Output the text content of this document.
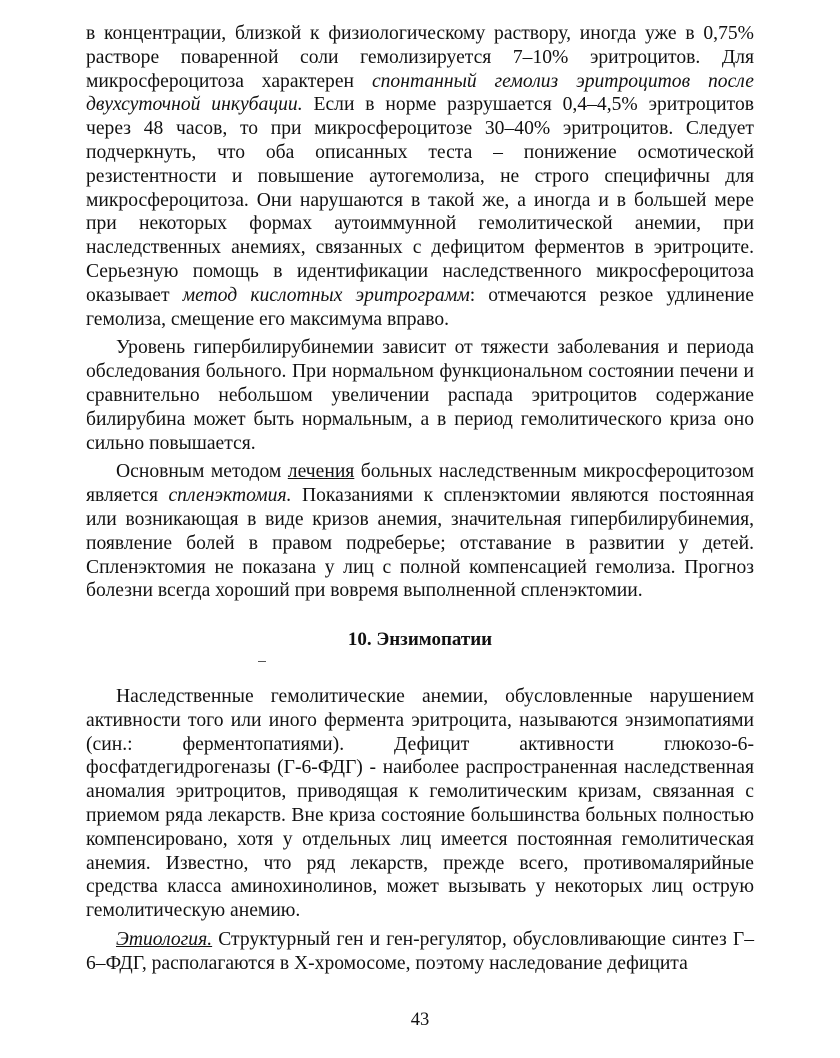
в концентрации, близкой к физиологическому раствору, иногда уже в 0,75% растворе поваренной соли гемолизируется 7–10% эритроцитов. Для микросфероцитоза характерен спонтанный гемолиз эритроцитов после двухсуточной инкубации. Если в норме разрушается 0,4–4,5% эритроцитов через 48 часов, то при микросфероцитозе 30–40% эритроцитов. Следует подчеркнуть, что оба описанных теста – понижение осмотической резистентности и повышение аутогемолиза, не строго специфичны для микросфероцитоза. Они нарушаются в такой же, а иногда и в большей мере при некоторых формах аутоиммунной гемолитической анемии, при наследственных анемиях, связанных с дефицитом ферментов в эритроците. Серьезную помощь в идентификации наследственного микросфероцитоза оказывает метод кислотных эритрограмм: отмечаются резкое удлинение гемолиза, смещение его максимума вправо.

Уровень гипербилирубинемии зависит от тяжести заболевания и периода обследования больного. При нормальном функциональном состоянии печени и сравнительно небольшом увеличении распада эритроцитов содержание билирубина может быть нормальным, а в период гемолитического криза оно сильно повышается.

Основным методом лечения больных наследственным микросфероцитозом является спленэктомия. Показаниями к спленэктомии являются постоянная или возникающая в виде кризов анемия, значительная гипербилирубинемия, появление болей в правом подреберье; отставание в развитии у детей. Спленэктомия не показана у лиц с полной компенсацией гемолиза. Прогноз болезни всегда хороший при вовремя выполненной спленэктомии.

10. Энзимопатии

Наследственные гемолитические анемии, обусловленные нарушением активности того или иного фермента эритроцита, называются энзимопатиями (син.: ферментопатиями). Дефицит активности глюкозо-6-фосфатдегидрогеназы (Г-6-ФДГ) - наиболее распространенная наследственная аномалия эритроцитов, приводящая к гемолитическим кризам, связанная с приемом ряда лекарств. Вне криза состояние большинства больных полностью компенсировано, хотя у отдельных лиц имеется постоянная гемолитическая анемия. Известно, что ряд лекарств, прежде всего, противомалярийные средства класса аминохинолинов, может вызывать у некоторых лиц острую гемолитическую анемию.

Этиология. Структурный ген и ген-регулятор, обусловливающие синтез Г–6–ФДГ, располагаются в Х-хромосоме, поэтому наследование дефицита

43
